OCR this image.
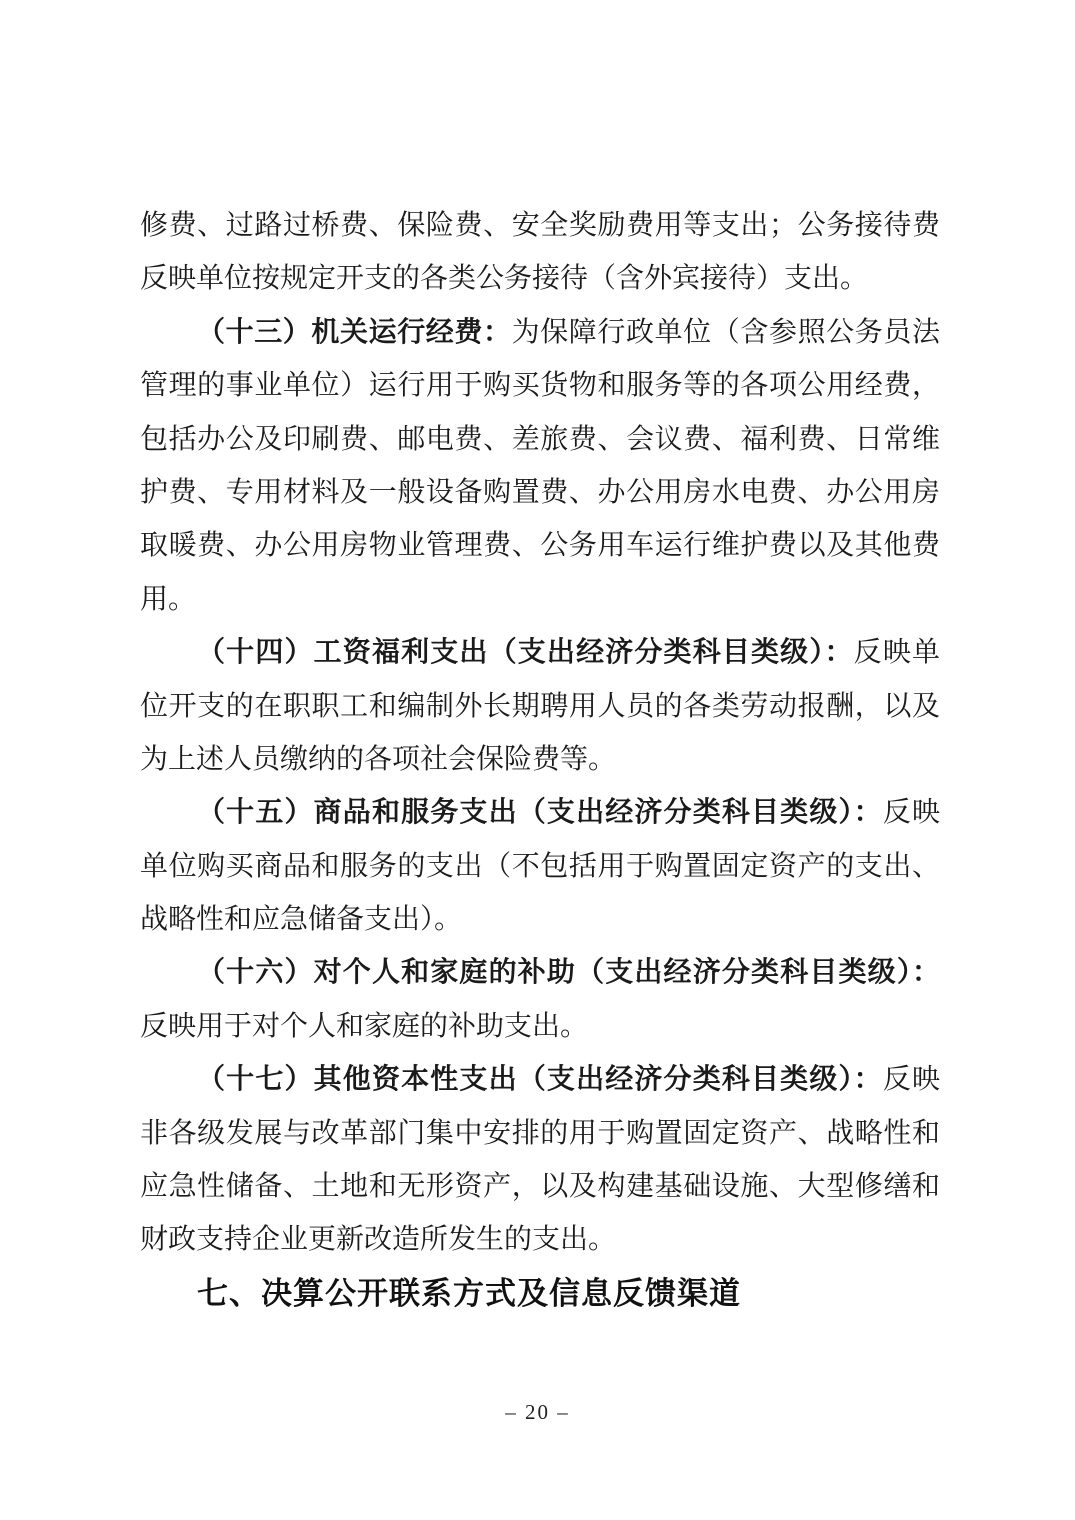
修费、过路过桥费、保险费、安全奖励费用等支出；公务接待费
反映单位按规定开支的各类公务接待（含外宾接待）支出。
（十三）机关运行经费：为保障行政单位（含参照公务员法
管理的事业单位）运行用于购买货物和服务等的各项公用经费，
包括办公及印刷费、邮电费、差旅费、会议费、福利费、日常维
护费、专用材料及一般设备购置费、办公用房水电费、办公用房
取暖费、办公用房物业管理费、公务用车运行维护费以及其他费
用。
（十四）工资福利支出（支出经济分类科目类级）：反映单
位开支的在职职工和编制外长期聘用人员的各类劳动报酬，以及
为上述人员缴纳的各项社会保险费等。
（十五）商品和服务支出（支出经济分类科目类级）：反映
单位购买商品和服务的支出（不包括用于购置固定资产的支出、
战略性和应急储备支出）。
（十六）对个人和家庭的补助（支出经济分类科目类级）：
反映用于对个人和家庭的补助支出。
（十七）其他资本性支出（支出经济分类科目类级）：反映
非各级发展与改革部门集中安排的用于购置固定资产、战略性和
应急性储备、土地和无形资产，以及构建基础设施、大型修缮和
财政支持企业更新改造所发生的支出。
七、决算公开联系方式及信息反馈渠道
– 20 –
